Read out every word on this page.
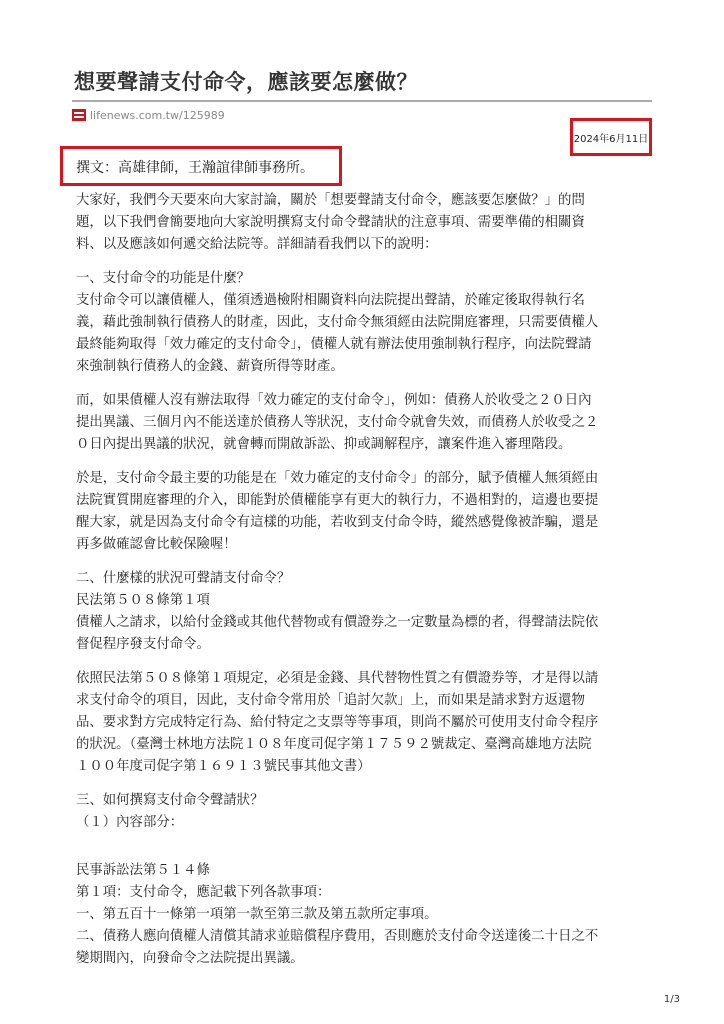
想要聲請支付命令，應該要怎麼做？
lifenews.com.tw /125989
2024年6月11日
撰文：高雄律師，王瀚誼律師事務所。
大家好，我們今天要來向大家討論，關於「想要聲請支付命令，應該要怎麼做？」的問
題，以下我們會簡要地向大家說明撰寫支付命令聲請狀的注意事項、需要準備的相關資
料、以及應該如何遞交給法院等。詳細請看我們以下的說明：
一、支付命令的功能是什麼？
支付命令可以讓債權人，僅須透過檢附相關資料向法院提出聲請，於確定後取得執行名
義，藉此強制執行債務人的財產，因此，支付命令無須經由法院開庭審理，只需要債權人
最終能夠取得「效力確定的支付命令」，債權人就有辦法使用強制執行程序，向法院聲請
來強制執行債務人的金錢、薪資所得等財產。
而，如果債權人沒有辦法取得「效力確定的支付命令」，例如：債務人於收受之２０日內
提出異議、三個月內不能送達於債務人等狀況，支付命令就會失效，而債務人於收受之２
０日內提出異議的狀況，就會轉而開啟訴訟、抑或調解程序，讓案件進入審理階段。
於是，支付命令最主要的功能是在「效力確定的支付命令」的部分，賦予債權人無須經由
法院實質開庭審理的介入，即能對於債權能享有更大的執行力，不過相對的，這邊也要提
醒大家，就是因為支付命令有這樣的功能，若收到支付命令時，縱然感覺像被詐騙，還是
再多做確認會比較保險喔！
二、什麼樣的狀況可聲請支付命令？
民法第５０８條第１項
債權人之請求，以給付金錢或其他代替物或有價證券之一定數量為標的者，得聲請法院依
督促程序發支付命令。
依照民法第５０８條第１項規定，必須是金錢、具代替物性質之有價證券等，才是得以請
求支付命令的項目，因此，支付命令常用於「追討欠款」上，而如果是請求對方返還物
品、要求對方完成特定行為、給付特定之支票等等事項，則尚不屬於可使用支付命令程序
的狀況。（臺灣士林地方法院１０８年度司促字第１７５９２號裁定、臺灣高雄地方法院
１００年度司促字第１６９１３號民事其他文書）
三、如何撰寫支付命令聲請狀？
（１）內容部分：
民事訴訟法第５１４條
第１項：支付命令，應記載下列各款事項：
一、第五百十一條第一項第一款至第三款及第五款所定事項。
二、債務人應向債權人清償其請求並賠償程序費用，否則應於支付命令送達後二十日之不
變期間內，向發命令之法院提出異議。
1/3
